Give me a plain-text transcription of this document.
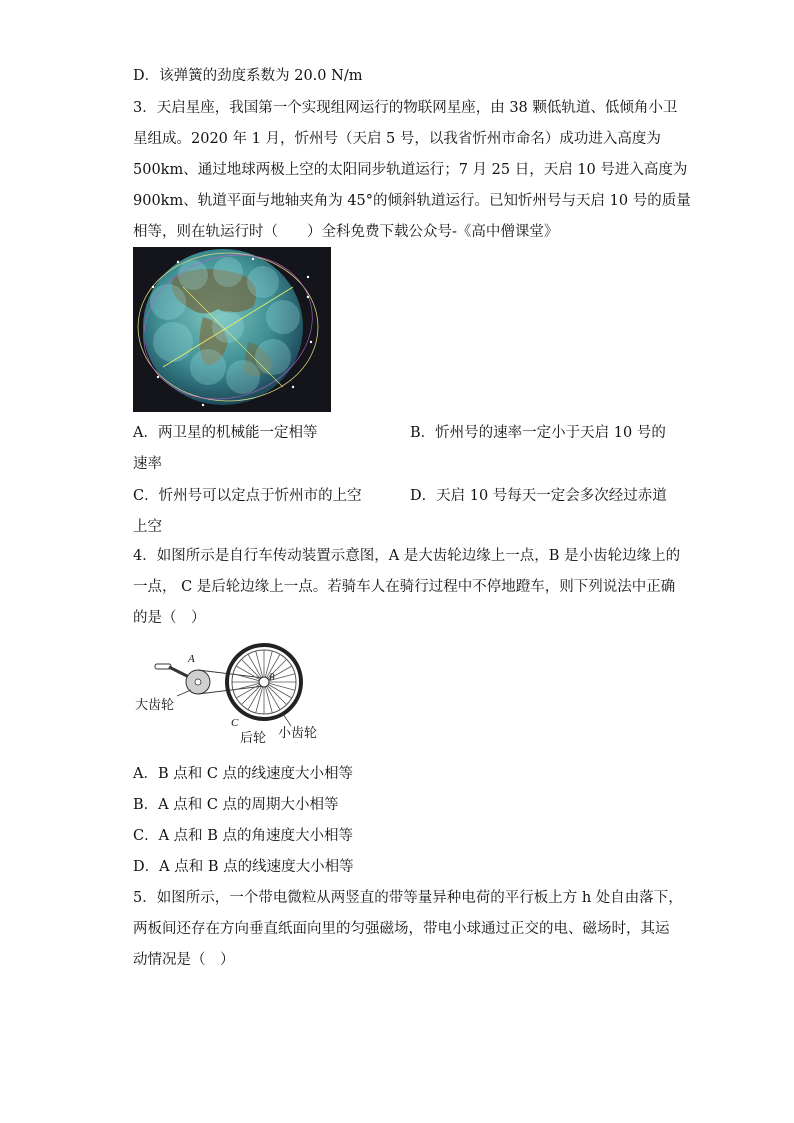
D．该弹簧的劲度系数为 20.0 N/m
3．天启星座，我国第一个实现组网运行的物联网星座，由 38 颗低轨道、低倾角小卫
星组成。2020 年 1 月，忻州号（天启 5 号，以我省忻州市命名）成功进入高度为
500km、通过地球两极上空的太阳同步轨道运行；7 月 25 日，天启 10 号进入高度为
900km、轨道平面与地轴夹角为 45°的倾斜轨道运行。已知忻州号与天启 10 号的质量
相等，则在轨运行时（　　）全科免费下载公众号-《高中僧课堂》
A．两卫星的机械能一定相等	B．忻州号的速率一定小于天启 10 号的
速率
C．忻州号可以定点于忻州市的上空	D．天启 10 号每天一定会多次经过赤道
上空
4．如图所示是自行车传动装置示意图，A 是大齿轮边缘上一点，B 是小齿轮边缘上的
一点， C 是后轮边缘上一点。若骑车人在骑行过程中不停地蹬车，则下列说法中正确
的是（　）
A
B
C
大齿轮
后轮 小齿轮
A．B 点和 C 点的线速度大小相等
B．A 点和 C 点的周期大小相等
C．A 点和 B 点的角速度大小相等
D．A 点和 B 点的线速度大小相等
5．如图所示，一个带电微粒从两竖直的带等量异种电荷的平行板上方 h 处自由落下，
两板间还存在方向垂直纸面向里的匀强磁场，带电小球通过正交的电、磁场时，其运
动情况是（　）
